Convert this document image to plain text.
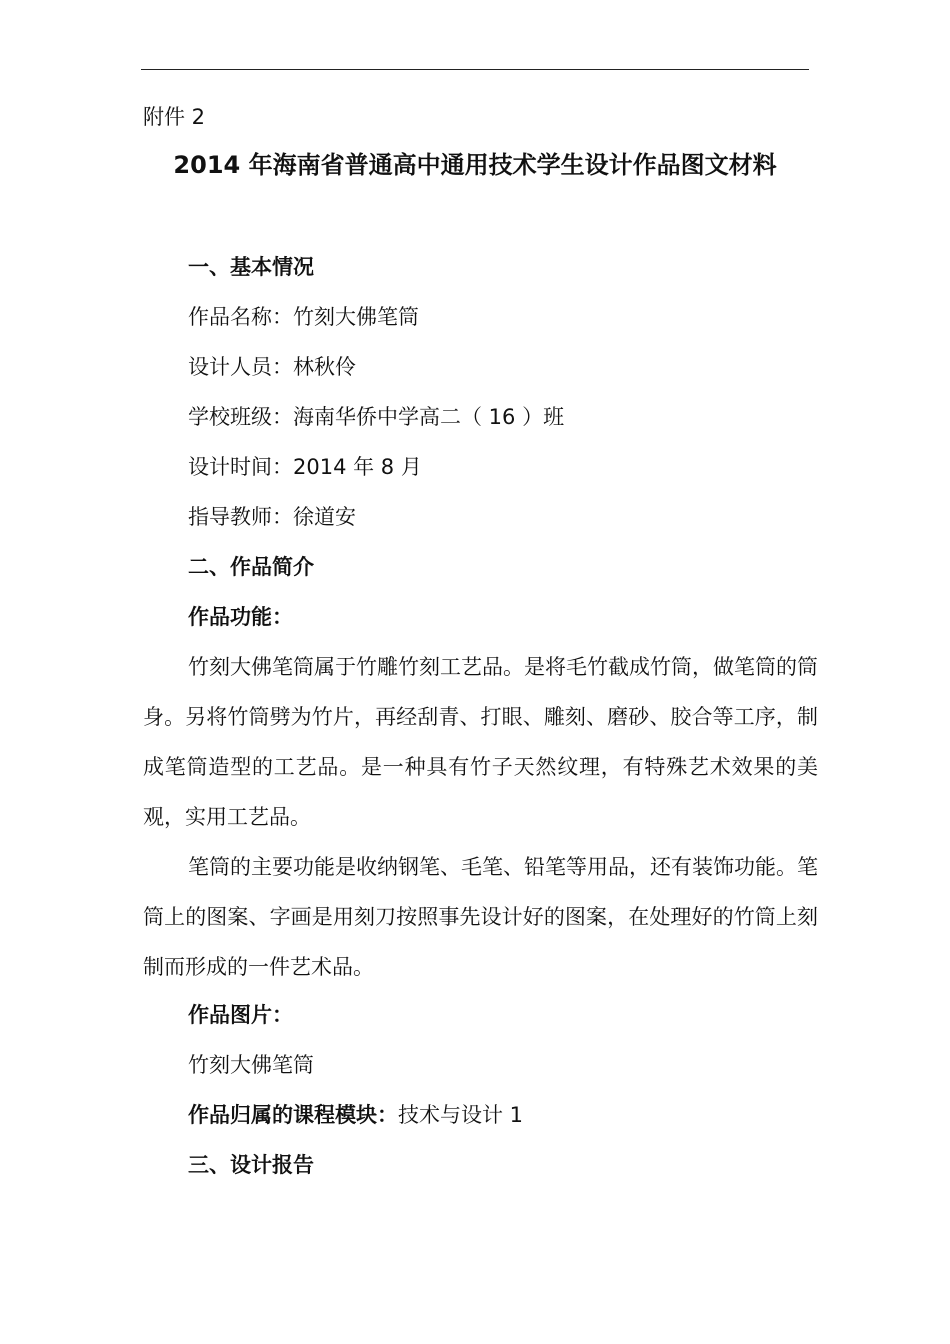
附件 2
2014 年海南省普通高中通用技术学生设计作品图文材料
一、基本情况
作品名称：竹刻大佛笔筒
设计人员：林秋伶
学校班级：海南华侨中学高二（ 16 ）班
设计时间：2014 年 8 月
指导教师：徐道安
二、作品简介
作品功能：

竹刻大佛笔筒属于竹雕竹刻工艺品。是将毛竹截成竹筒，做笔筒的筒身。另将竹筒劈为竹片，再经刮青、打眼、雕刻、磨砂、胶合等工序，制成笔筒造型的工艺品。是一种具有竹子天然纹理，有特殊艺术效果的美观，实用工艺品。

笔筒的主要功能是收纳钢笔、毛笔、铅笔等用品，还有装饰功能。笔筒上的图案、字画是用刻刀按照事先设计好的图案，在处理好的竹筒上刻制而形成的一件艺术品。

作品图片：
竹刻大佛笔筒
作品归属的课程模块：技术与设计 1
三、设计报告
